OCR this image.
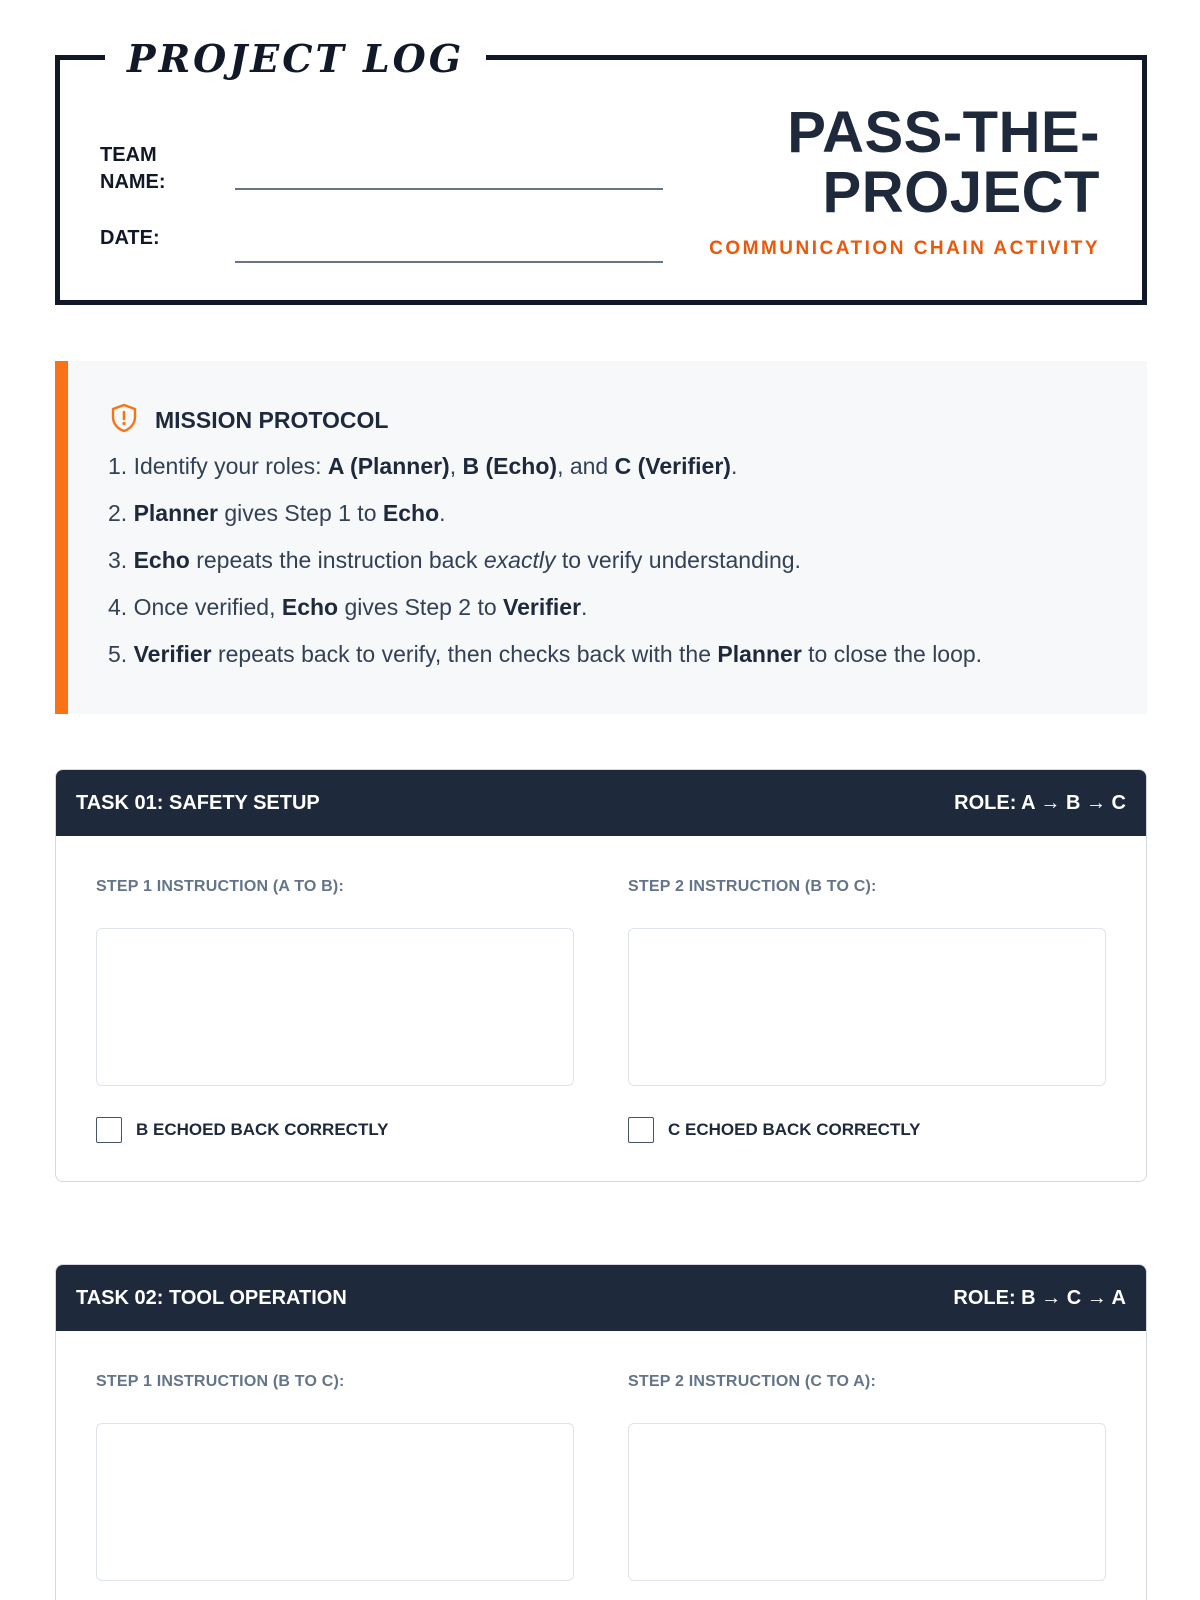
PROJECT LOG
TEAM
NAME:
DATE:
PASS-THE-
PROJECT
COMMUNICATION CHAIN ACTIVITY
MISSION PROTOCOL
1. Identify your roles: A (Planner), B (Echo), and C (Verifier).
2. Planner gives Step 1 to Echo.
3. Echo repeats the instruction back exactly to verify understanding.
4. Once verified, Echo gives Step 2 to Verifier.
5. Verifier repeats back to verify, then checks back with the Planner to close the loop.
TASK 01: SAFETY SETUP	ROLE: A → B → C
STEP 1 INSTRUCTION (A TO B):
B ECHOED BACK CORRECTLY
STEP 2 INSTRUCTION (B TO C):
C ECHOED BACK CORRECTLY
TASK 02: TOOL OPERATION	ROLE: B → C → A
STEP 1 INSTRUCTION (B TO C):	STEP 2 INSTRUCTION (C TO A):
